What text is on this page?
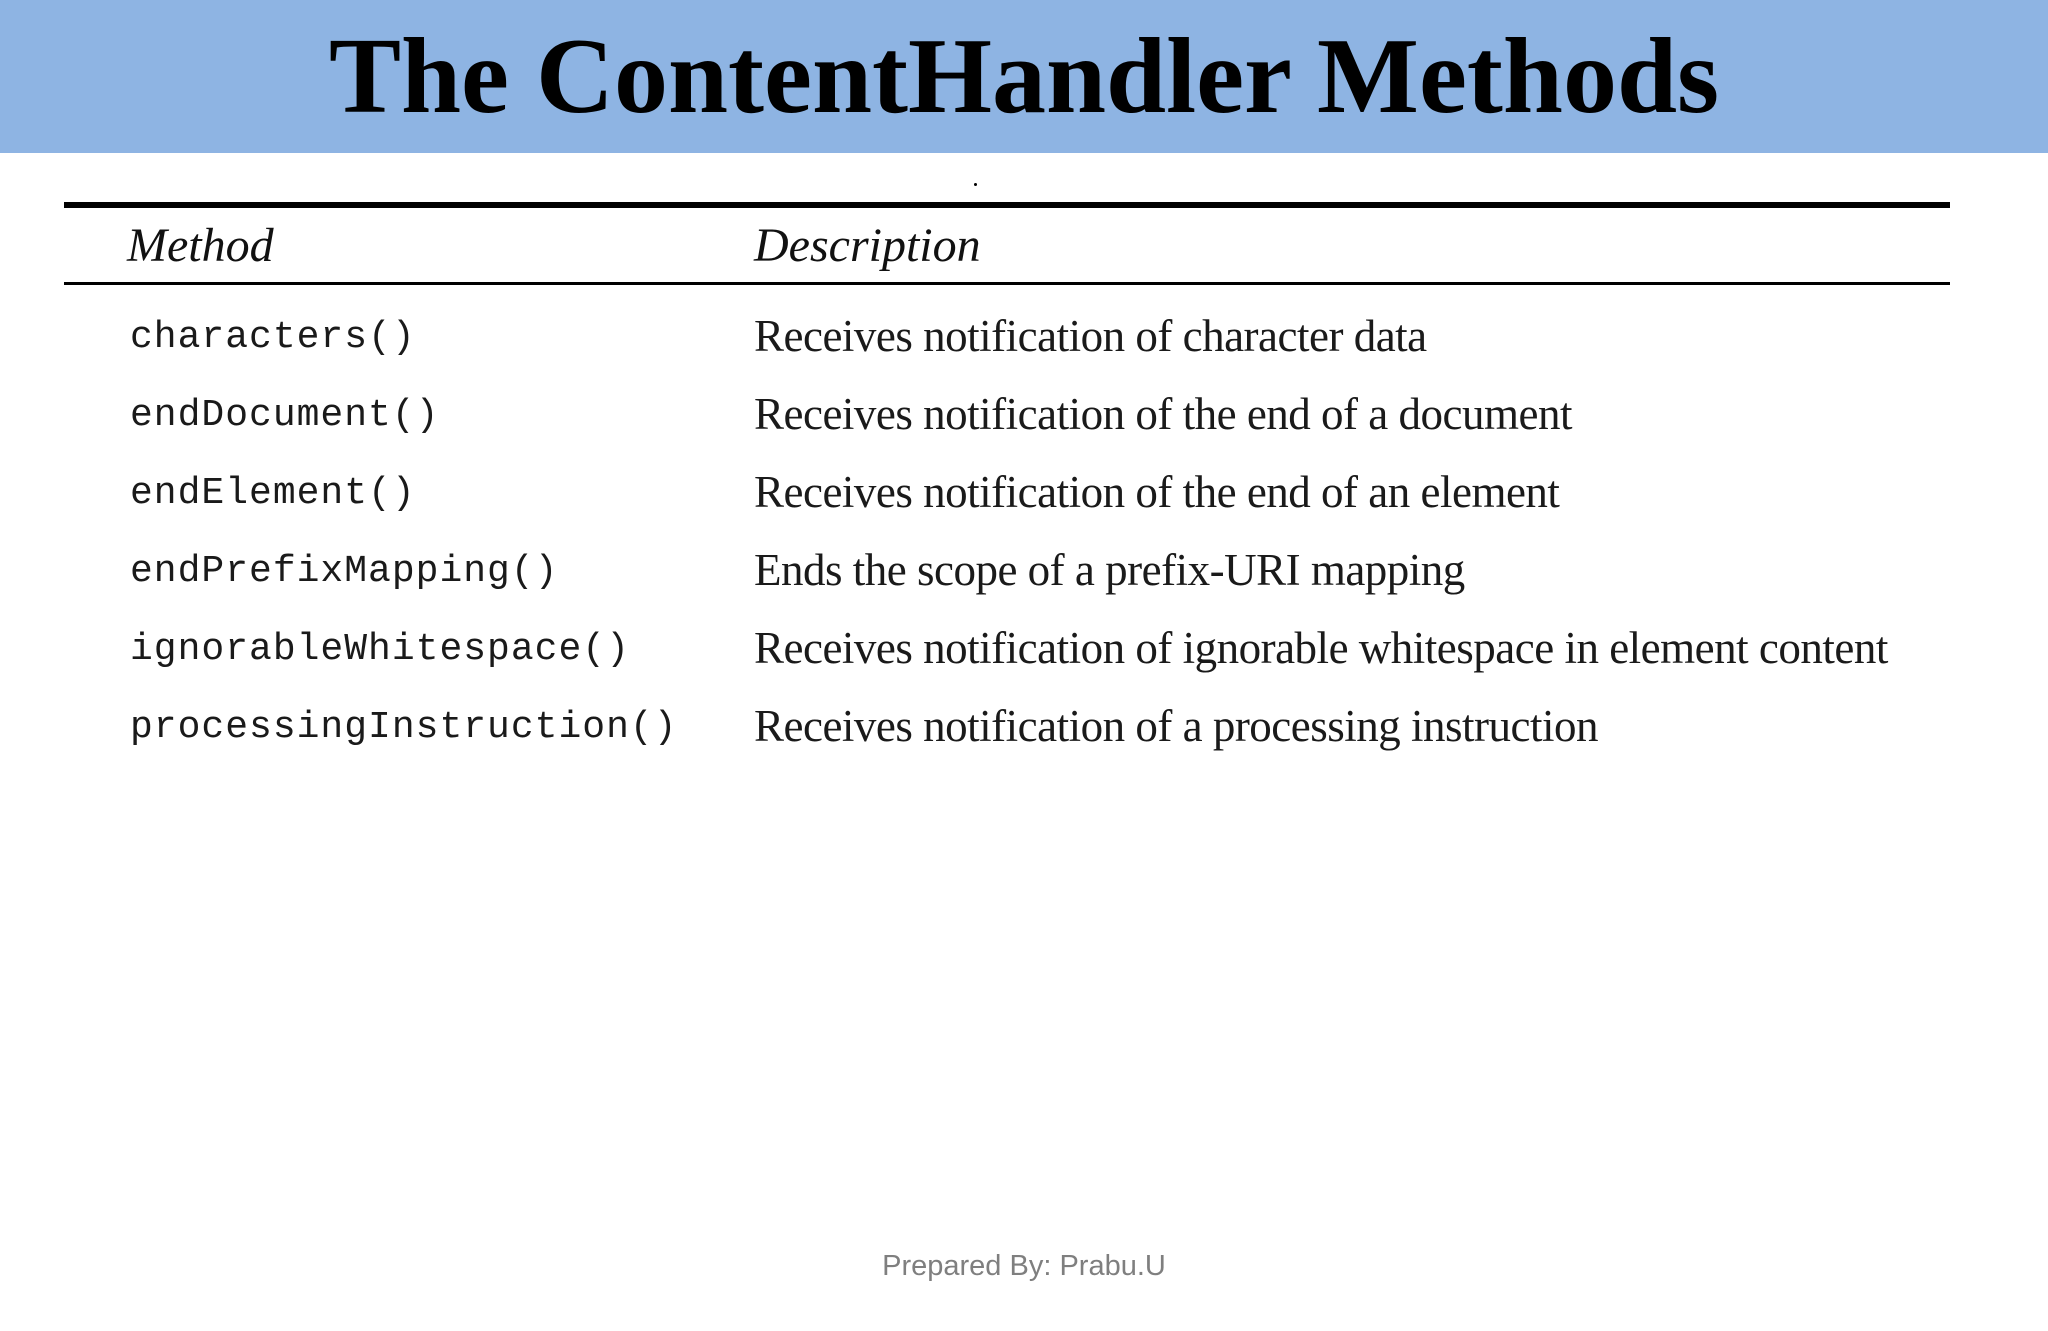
The ContentHandler Methods
Method	Description
characters()	Receives notification of character data
endDocument()	Receives notification of the end of a document
endElement()	Receives notification of the end of an element
endPrefixMapping()	Ends the scope of a prefix-URI mapping
ignorableWhitespace()	Receives notification of ignorable whitespace in element content
processingInstruction() Receives notification of a processing instruction
Prepared By: Prabu.U
